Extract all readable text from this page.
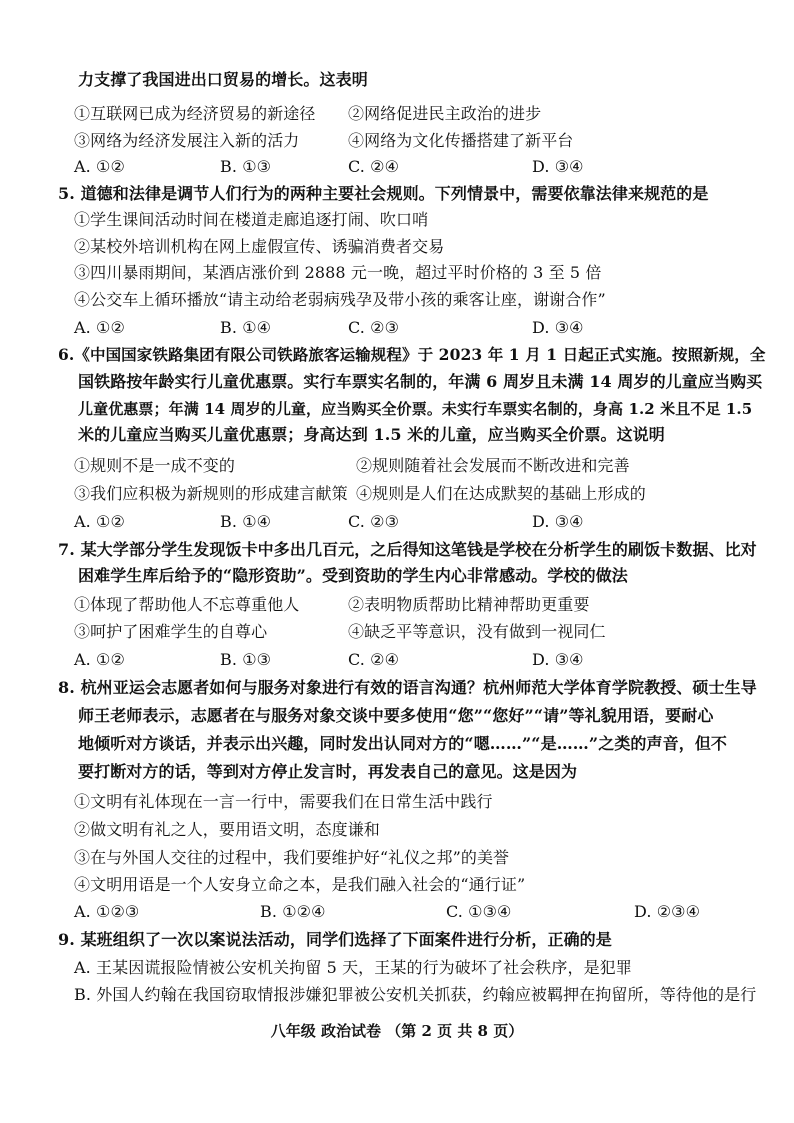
力支撑了我国进出口贸易的增长。这表明
①互联网已成为经济贸易的新途径 ②网络促进民主政治的进步
③网络为经济发展注入新的活力	④网络为文化传播搭建了新平台
A. ①②	B. ①③	C. ②④	D. ③④
5. 道德和法律是调节人们行为的两种主要社会规则。下列情景中，需要依靠法律来规范的是
①学生课间活动时间在楼道走廊追逐打闹、吹口哨
②某校外培训机构在网上虚假宣传、诱骗消费者交易
③四川暴雨期间，某酒店涨价到 2888 元一晚，超过平时价格的 3 至 5 倍
④公交车上循环播放“请主动给老弱病残孕及带小孩的乘客让座，谢谢合作”
A. ①②	B. ①④	C. ②③	D. ③④
6.《中国国家铁路集团有限公司铁路旅客运输规程》于 2023 年 1 月 1 日起正式实施。按照新规，全
国铁路按年龄实行儿童优惠票。实行车票实名制的，年满 6 周岁且未满 14 周岁的儿童应当购买
儿童优惠票；年满 14 周岁的儿童，应当购买全价票。未实行车票实名制的，身高 1.2 米且不足 1.5
米的儿童应当购买儿童优惠票；身高达到 1.5 米的儿童，应当购买全价票。这说明
①规则不是一成不变的	②规则随着社会发展而不断改进和完善
③我们应积极为新规则的形成建言献策 ④规则是人们在达成默契的基础上形成的
A. ①②	B. ①④	C. ②③	D. ③④
7. 某大学部分学生发现饭卡中多出几百元，之后得知这笔钱是学校在分析学生的刷饭卡数据、比对
困难学生库后给予的“隐形资助”。受到资助的学生内心非常感动。学校的做法
①体现了帮助他人不忘尊重他人	②表明物质帮助比精神帮助更重要
③呵护了困难学生的自尊心	④缺乏平等意识，没有做到一视同仁
A. ①②	B. ①③	C. ②④	D. ③④
8. 杭州亚运会志愿者如何与服务对象进行有效的语言沟通？杭州师范大学体育学院教授、硕士生导
师王老师表示，志愿者在与服务对象交谈中要多使用“您”“您好”“请”等礼貌用语，要耐心
地倾听对方谈话，并表示出兴趣，同时发出认同对方的“嗯……”“是……”之类的声音，但不
要打断对方的话，等到对方停止发言时，再发表自己的意见。这是因为
①文明有礼体现在一言一行中，需要我们在日常生活中践行
②做文明有礼之人，要用语文明，态度谦和
③在与外国人交往的过程中，我们要维护好“礼仪之邦”的美誉
④文明用语是一个人安身立命之本，是我们融入社会的“通行证”
A. ①②③	B. ①②④	C. ①③④	D. ②③④
9. 某班组织了一次以案说法活动，同学们选择了下面案件进行分析，正确的是
A. 王某因谎报险情被公安机关拘留 5 天，王某的行为破坏了社会秩序，是犯罪
B. 外国人约翰在我国窃取情报涉嫌犯罪被公安机关抓获，约翰应被羁押在拘留所，等待他的是行
八年级 政治试卷 （第 2 页 共 8 页）
